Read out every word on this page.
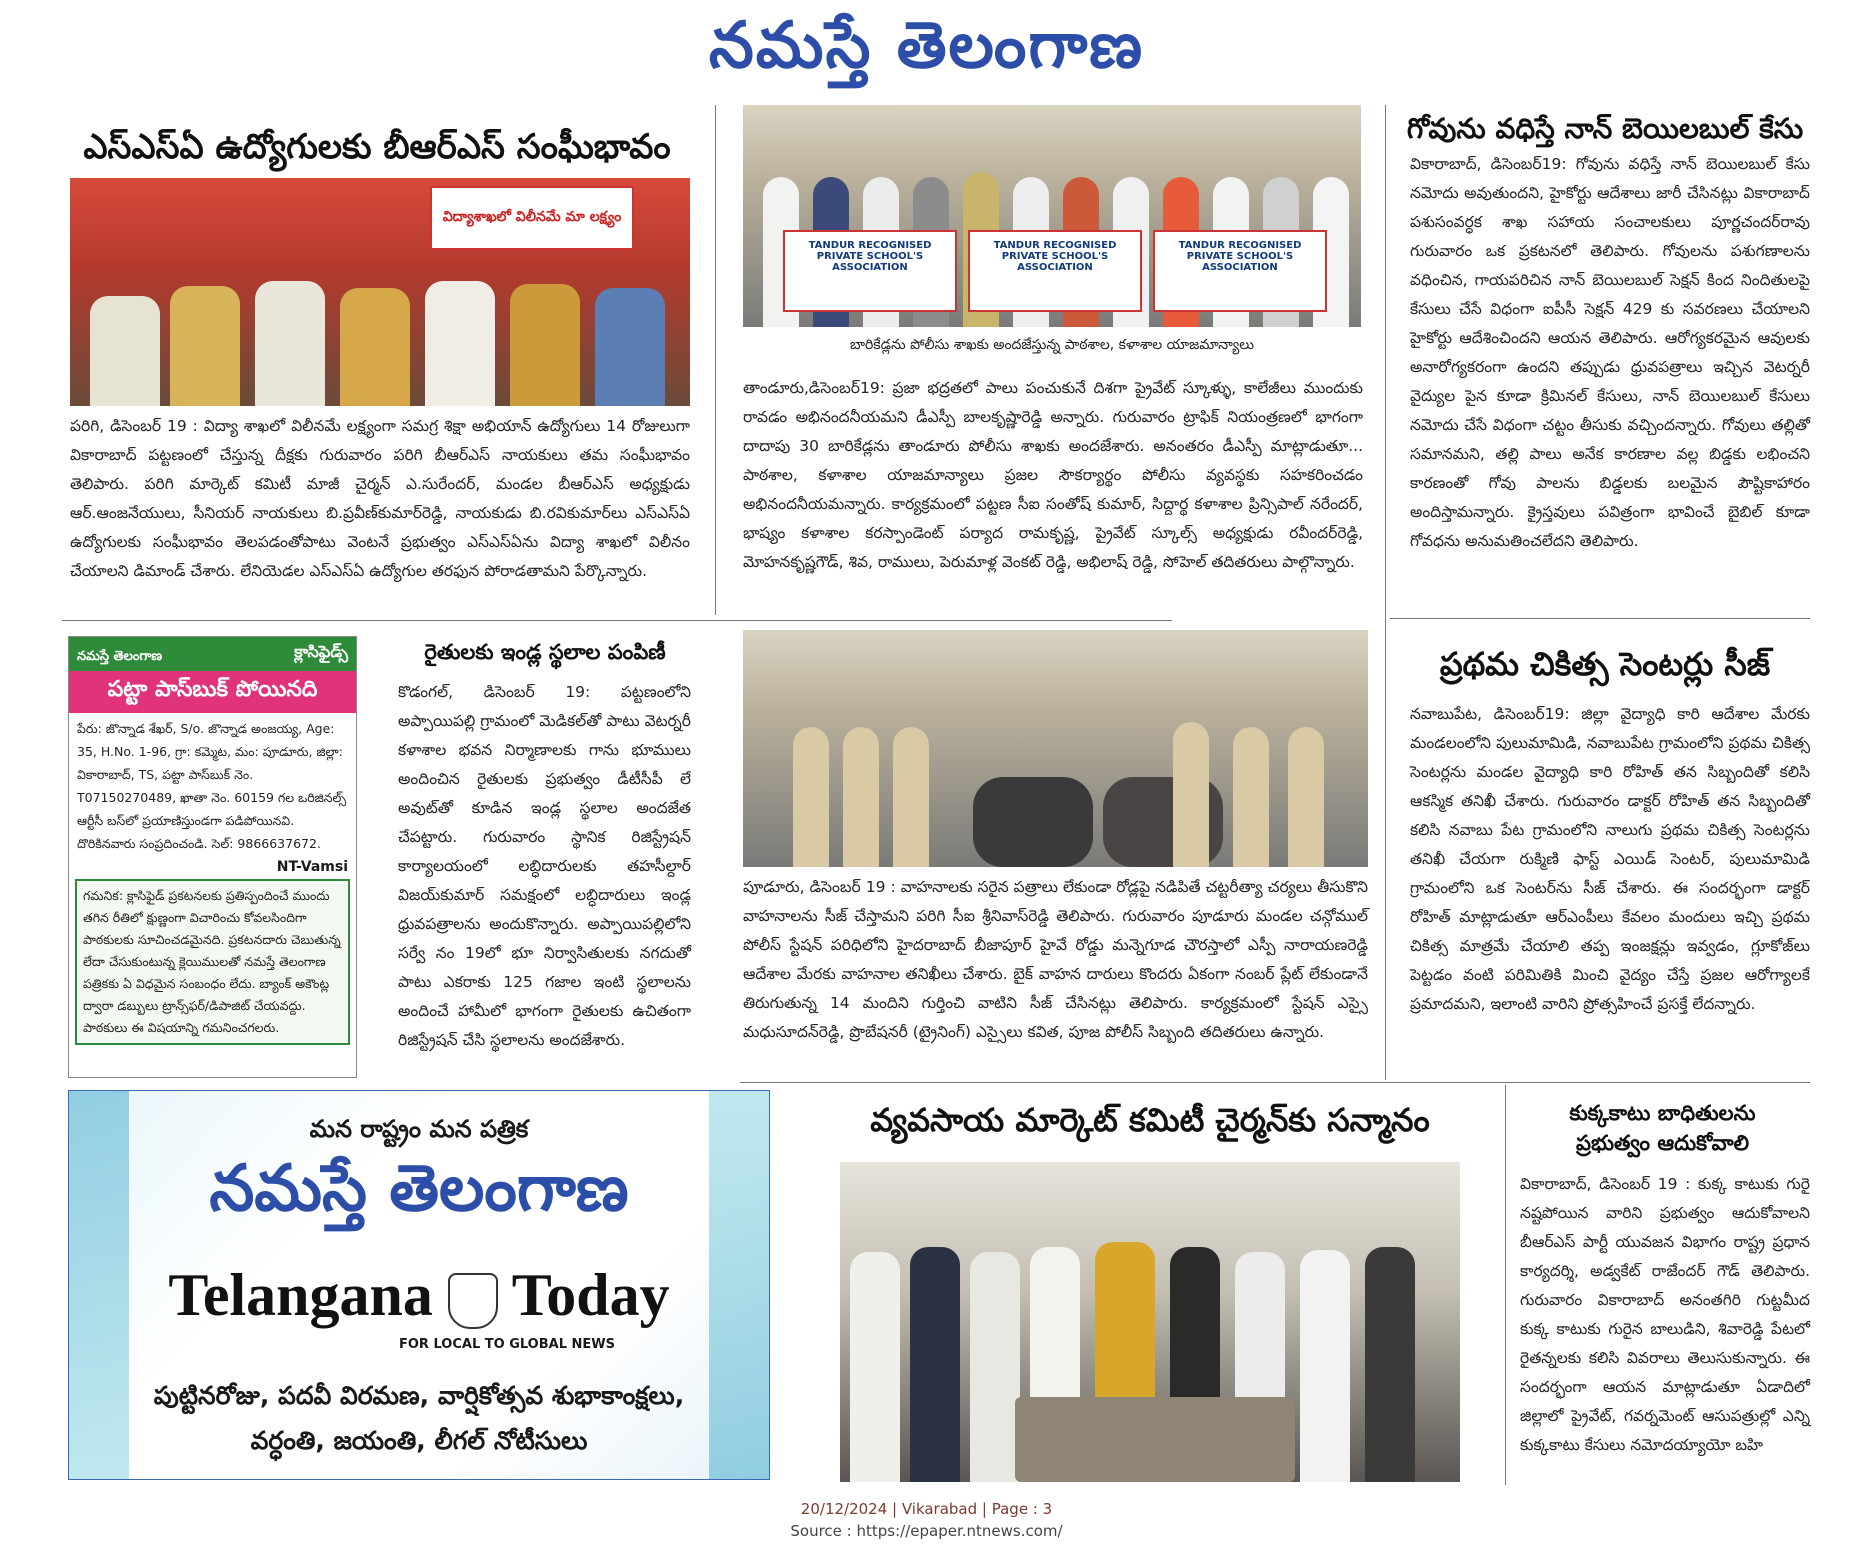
నమస్తే తెలంగాణ
ఎస్ఎస్ఏ ఉద్యోగులకు బీఆర్ఎస్ సంఘీభావం
విద్యాశాఖలో విలీనమే మా లక్ష్యం
పరిగి, డిసెంబర్ 19 : విద్యా శాఖలో విలీనమే లక్ష్యంగా సమగ్ర శిక్షా అభియాన్ ఉద్యోగులు 14 రోజులుగా వికారాబాద్ పట్టణంలో చేస్తున్న దీక్షకు గురువారం పరిగి బీఆర్ఎస్ నాయకులు తమ సంఘీభావం తెలిపారు. పరిగి మార్కెట్ కమిటీ మాజీ చైర్మన్ ఎ.సురేందర్, మండల బీఆర్ఎస్ అధ్యక్షుడు ఆర్.ఆంజనేయులు, సీనియర్ నాయకులు బి.ప్రవీణ్‌కుమార్‌రెడ్డి, నాయకుడు బి.రవికుమార్‌లు ఎస్ఎస్ఏ ఉద్యోగులకు సంఘీభావం తెలపడంతోపాటు వెంటనే ప్రభుత్వం ఎస్ఎస్ఏను విద్యా శాఖలో విలీనం చేయాలని డిమాండ్ చేశారు. లేనియెడల ఎస్ఎస్ఏ ఉద్యోగుల తరఫున పోరాడతామని పేర్కొన్నారు.
TANDUR RECOGNISED PRIVATE SCHOOL'S ASSOCIATION
TANDUR RECOGNISED PRIVATE SCHOOL'S ASSOCIATION
TANDUR RECOGNISED PRIVATE SCHOOL'S ASSOCIATION
బారికేడ్లను పోలీసు శాఖకు అందజేస్తున్న పాఠశాల, కళాశాల యాజమాన్యాలు
తాండూరు,డిసెంబర్19: ప్రజా భద్రతలో పాలు పంచుకునే దిశగా ప్రైవేట్ స్కూళ్ళు, కాలేజీలు ముందుకు రావడం అభినందనీయమని డీఎస్పీ బాలకృష్ణారెడ్డి అన్నారు. గురువారం ట్రాఫిక్ నియంత్రణలో భాగంగా దాదాపు 30 బారికేడ్లను తాండూరు పోలీసు శాఖకు అందజేశారు. అనంతరం డీఎస్పీ మాట్లాడుతూ... పాఠశాల, కళాశాల యాజమాన్యాలు ప్రజల సౌకర్యార్థం పోలీసు వ్యవస్థకు సహకరించడం అభినందనీయమన్నారు. కార్యక్రమంలో పట్టణ సీఐ సంతోష్ కుమార్, సిద్దార్థ కళాశాల ప్రిన్సిపాల్ నరేందర్, భాష్యం కళాశాల కరస్పాండెంట్ పర్యాద రామకృష్ణ, ప్రైవేట్ స్కూల్స్ అధ్యక్షుడు రవీందర్‌రెడ్డి, మోహనకృష్ణగౌడ్, శివ, రాములు, పెరుమాళ్ల వెంకట్ రెడ్డి, అభిలాష్ రెడ్డి, సోహెల్ తదితరులు పాల్గొన్నారు.
గోవును వధిస్తే నాన్ బెయిలబుల్ కేసు
వికారాబాద్, డిసెంబర్19: గోవును వధిస్తే నాన్ బెయిలబుల్ కేసు నమోదు అవుతుందని, హైకోర్టు ఆదేశాలు జారీ చేసినట్లు వికారాబాద్ పశుసంవర్ధక శాఖ సహాయ సంచాలకులు పూర్ణచందర్‌రావు గురువారం ఒక ప్రకటనలో తెలిపారు. గోవులను పశుగణాలను వధించిన, గాయపరిచిన నాన్ బెయిలబుల్ సెక్షన్ కింద నిందితులపై కేసులు చేసే విధంగా ఐపీసీ సెక్షన్ 429 కు సవరణలు చేయాలని హైకోర్టు ఆదేశించిందని ఆయన తెలిపారు. ఆరోగ్యకరమైన ఆవులకు అనారోగ్యకరంగా ఉందని తప్పుడు ధ్రువపత్రాలు ఇచ్చిన వెటర్నరీ వైద్యుల పైన కూడా క్రిమినల్ కేసులు, నాన్ బెయిలబుల్ కేసులు నమోదు చేసే విధంగా చట్టం తీసుకు వచ్చిందన్నారు. గోవులు తల్లితో సమానమని, తల్లి పాలు అనేక కారణాల వల్ల బిడ్డకు లభించని కారణంతో గోవు పాలను బిడ్డలకు బలమైన పౌష్టికాహారం అందిస్తామన్నారు. క్రైస్తవులు పవిత్రంగా భావించే బైబిల్ కూడా గోవధను అనుమతించలేదని తెలిపారు.
నమస్తే తెలంగాణ	క్లాసిఫైడ్స్
పట్టా పాస్‌బుక్ పోయినది
పేరు: జొన్నాడ శేఖర్, S/o. జొన్నాడ అంజయ్య, Age: 35, H.No. 1-96, గ్రా: కమ్మెట, మం: పూడూరు, జిల్లా: వికారాబాద్, TS, పట్టా పాస్‌బుక్ నెం. T07150270489, ఖాతా నెం. 60159 గల ఒరిజినల్స్ ఆర్టీసీ బస్‌లో ప్రయాణిస్తుండగా పడిపోయినవి. దొరికినవారు సంప్రదించండి. సెల్: 9866637672.
NT-Vamsi
గమనిక: క్లాసిఫైడ్ ప్రకటనలకు ప్రతిస్పందించే ముందు తగిన రీతిలో క్షుణ్ణంగా విచారించు కోవలసిందిగా పాఠకులకు సూచించడమైనది. ప్రకటనదారు చెబుతున్న లేదా చేసుకుంటున్న క్లెయిములతో నమస్తే తెలంగాణ పత్రికకు ఏ విధమైన సంబంధం లేదు. బ్యాంక్ అకౌంట్ల ద్వారా డబ్బులు ట్రాన్స్‌ఫర్/డిపాజిట్ చేయవద్దు. పాఠకులు ఈ విషయాన్ని గమనించగలరు.
రైతులకు ఇండ్ల స్థలాల పంపిణీ
కొడంగల్, డిసెంబర్ 19: పట్టణంలోని అప్పాయిపల్లి గ్రామంలో మెడికల్‌తో పాటు వెటర్నరీ కళాశాల భవన నిర్మాణాలకు గాను భూములు అందించిన రైతులకు ప్రభుత్వం డీటీసీపీ లే అవుట్‌తో కూడిన ఇండ్ల స్థలాల అందజేత చేపట్టారు. గురువారం స్థానిక రిజిస్ట్రేషన్ కార్యాలయంలో లబ్ధిదారులకు తహసీల్దార్ విజయ్‌కుమార్ సమక్షంలో లబ్ధిదారులు ఇండ్ల ధ్రువపత్రాలను అందుకొన్నారు. అప్పాయిపల్లిలోని సర్వే నం 19లో భూ నిర్వాసితులకు నగదుతో పాటు ఎకరాకు 125 గజాల ఇంటి స్థలాలను అందించే హామీలో భాగంగా రైతులకు ఉచితంగా రిజిస్ట్రేషన్ చేసి స్థలాలను అందజేశారు.
పూడూరు, డిసెంబర్ 19 : వాహనాలకు సరైన పత్రాలు లేకుండా రోడ్లపై నడిపితే చట్టరీత్యా చర్యలు తీసుకొని వాహనాలను సీజ్ చేస్తామని పరిగి సీఐ శ్రీనివాస్‌రెడ్డి తెలిపారు. గురువారం పూడూరు మండల చన్గోముల్ పోలీస్ స్టేషన్ పరిధిలోని హైదరాబాద్ బీజాపూర్ హైవే రోడ్డు మన్నెగూడ చౌరస్తాలో ఎస్పీ నారాయణరెడ్డి ఆదేశాల మేరకు వాహనాల తనిఖీలు చేశారు. బైక్ వాహన దారులు కొందరు ఏకంగా నంబర్ ప్లేట్ లేకుండానే తిరుగుతున్న 14 మందిని గుర్తించి వాటిని సీజ్ చేసినట్లు తెలిపారు. కార్యక్రమంలో స్టేషన్ ఎస్సై మధుసూదన్‌రెడ్డి, ప్రొబేషనరీ (ట్రైనింగ్) ఎస్సైలు కవిత, పూజ పోలీస్ సిబ్బంది తదితరులు ఉన్నారు.
ప్రథమ చికిత్స సెంటర్లు సీజ్
నవాబుపేట, డిసెంబర్19: జిల్లా వైద్యాధి కారి ఆదేశాల మేరకు మండలంలోని పులుమామిడి, నవాబుపేట గ్రామంలోని ప్రథమ చికిత్స సెంటర్లను మండల వైద్యాధి కారి రోహిత్ తన సిబ్బందితో కలిసి ఆకస్మిక తనిఖీ చేశారు. గురువారం డాక్టర్ రోహిత్ తన సిబ్బందితో కలిసి నవాబు పేట గ్రామంలోని నాలుగు ప్రథమ చికిత్స సెంటర్లను తనిఖీ చేయగా రుక్మిణి ఫాస్ట్ ఎయిడ్ సెంటర్, పులుమామిడి గ్రామంలోని ఒక సెంటర్‌ను సీజ్ చేశారు. ఈ సందర్భంగా డాక్టర్ రోహిత్ మాట్లాడుతూ ఆర్ఎంపీలు కేవలం మందులు ఇచ్చి ప్రథమ చికిత్స మాత్రమే చేయాలి తప్ప ఇంజక్షన్లు ఇవ్వడం, గ్లూకోజ్‌లు పెట్టడం వంటి పరిమితికి మించి వైద్యం చేస్తే ప్రజల ఆరోగ్యాలకే ప్రమాదమని, ఇలాంటి వారిని ప్రోత్సహించే ప్రసక్తే లేదన్నారు.
మన రాష్ట్రం మన పత్రిక
నమస్తే తెలంగాణ
Telangana Today
FOR LOCAL TO GLOBAL NEWS
పుట్టినరోజు, పదవీ విరమణ, వార్షికోత్సవ శుభాకాంక్షలు,
వర్ధంతి, జయంతి, లీగల్ నోటీసులు
వ్యవసాయ మార్కెట్ కమిటీ చైర్మన్‌కు సన్మానం	కుక్కకాటు బాధితులను
ప్రభుత్వం ఆదుకోవాలి
వికారాబాద్, డిసెంబర్ 19 : కుక్క కాటుకు గురై నష్టపోయిన వారిని ప్రభుత్వం ఆదుకోవాలని బీఆర్ఎస్ పార్టీ యువజన విభాగం రాష్ట్ర ప్రధాన కార్యదర్శి, అడ్వకేట్ రాజేందర్ గౌడ్ తెలిపారు. గురువారం వికారాబాద్ అనంతగిరి గుట్టమీద కుక్క కాటుకు గురైన బాలుడిని, శివారెడ్డి పేటలో రైతన్నలకు కలిసి వివరాలు తెలుసుకున్నారు. ఈ సందర్భంగా ఆయన మాట్లాడుతూ ఏడాదిలో జిల్లాలో ప్రైవేట్, గవర్నమెంట్ ఆసుపత్రుల్లో ఎన్ని కుక్కకాటు కేసులు నమోదయ్యాయో బహి
20/12/2024 | Vikarabad | Page : 3
Source : https://epaper.ntnews.com/
